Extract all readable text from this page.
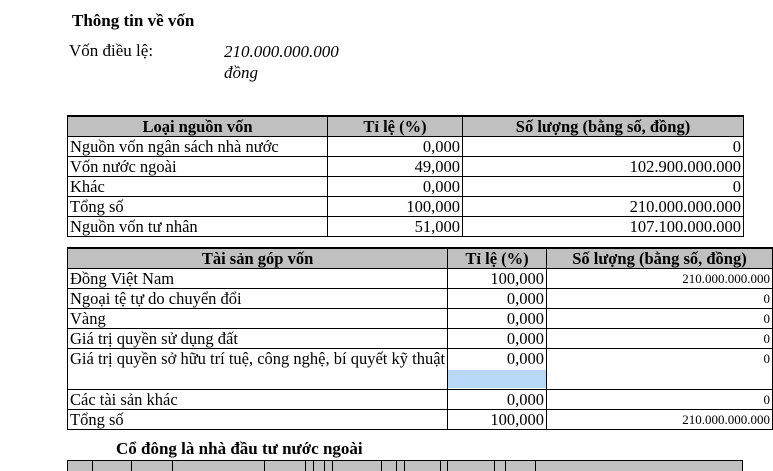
Thông tin về vốn
Vốn điều lệ:	210.000.000.000
đồng
Loại nguồn vốn	Tỉ lệ (%)	Số lượng (bằng số, đồng)
Nguồn vốn ngân sách nhà nước	0,000	0
Vốn nước ngoài	49,000	102.900.000.000
Khác	0,000	0
Tổng số	100,000	210.000.000.000
Nguồn vốn tư nhân	51,000	107.100.000.000
Tài sản góp vốn	Tỉ lệ (%)	Số lượng (bằng số, đồng)
Đồng Việt Nam	100,000	210.000.000.000
Ngoại tệ tự do chuyển đổi	0,000	0
Vàng	0,000	0
Giá trị quyền sử dụng đất	0,000	0
Giá trị quyền sở hữu trí tuệ, công nghệ, bí quyết kỹ thuật	0,000	0
Các tài sản khác	0,000	0
Tổng số	100,000	210.000.000.000
Cổ đông là nhà đầu tư nước ngoài
